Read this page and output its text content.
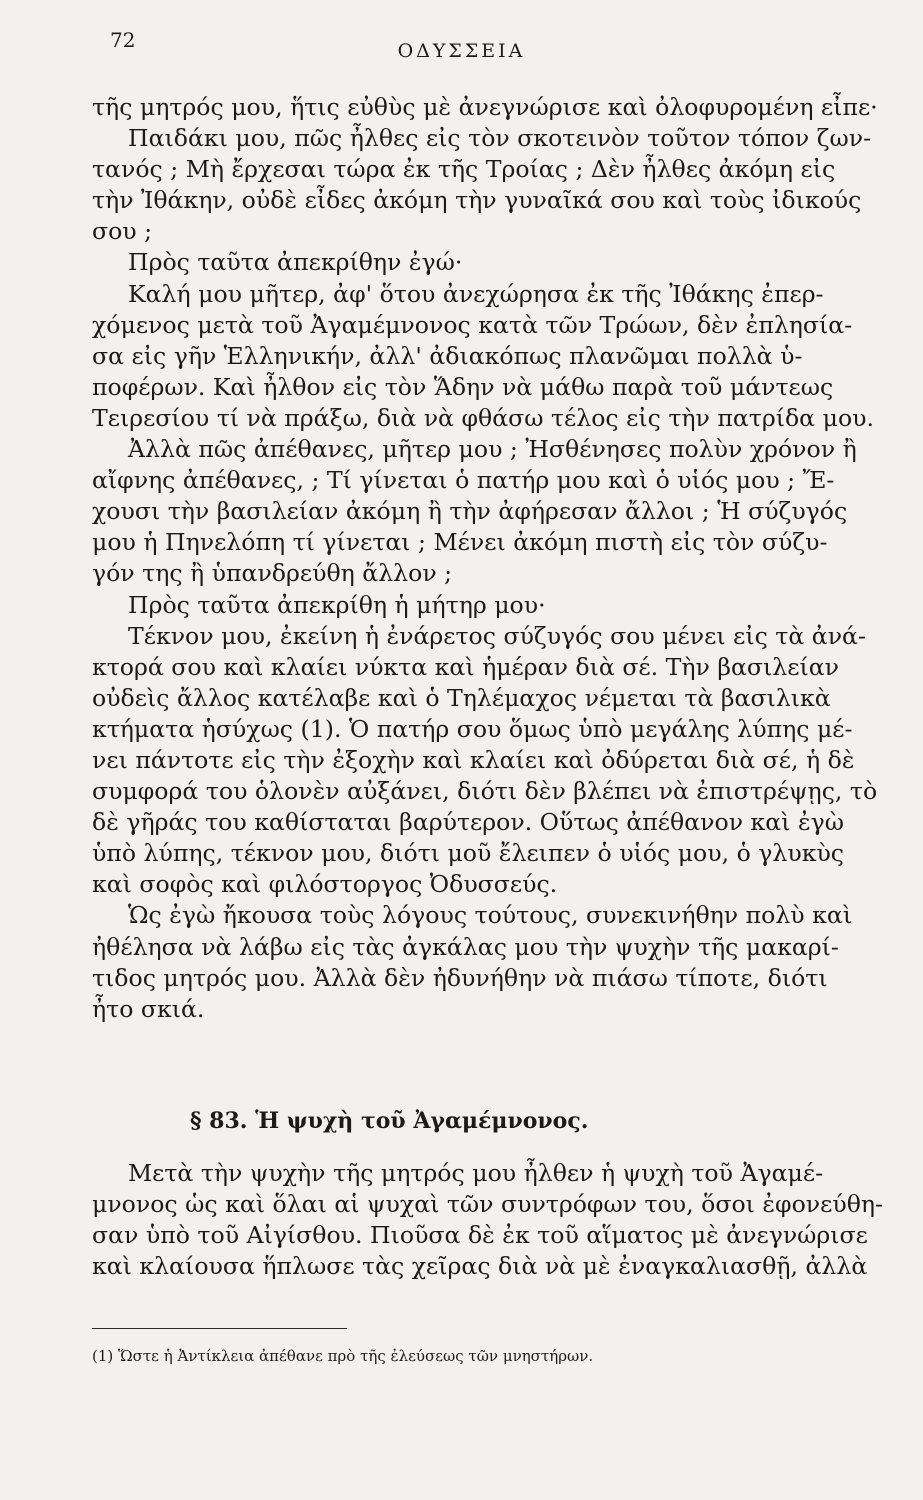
72	ΟΔΥΣΣΕΙΑ

τῆς μητρός μου, ἥτις εὐθὺς μὲ ἀνεγνώρισε καὶ ὀλοφυρομένη εἶπε·

Παιδάκι μου, πῶς ἦλθες εἰς τὸν σκοτεινὸν τοῦτον τόπον ζων-

τανός ; Μὴ ἔρχεσαι τώρα ἐκ τῆς Τροίας ; Δὲν ἦλθες ἀκόμη εἰς

τὴν Ἰθάκην, οὐδὲ εἶδες ἀκόμη τὴν γυναῖκά σου καὶ τοὺς ἰδικούς

σου ;

Πρὸς ταῦτα ἀπεκρίθην ἐγώ·

Καλή μου μῆτερ, ἀφ' ὅτου ἀνεχώρησα ἐκ τῆς Ἰθάκης ἐπερ-

χόμενος μετὰ τοῦ Ἀγαμέμνονος κατὰ τῶν Τρώων, δὲν ἐπλησία-

σα εἰς γῆν Ἑλληνικήν, ἀλλ' ἀδιακόπως πλανῶμαι πολλὰ ὑ-

ποφέρων. Καὶ ἦλθον εἰς τὸν Ἅδην νὰ μάθω παρὰ τοῦ μάντεως

Τειρεσίου τί νὰ πράξω, διὰ νὰ φθάσω τέλος εἰς τὴν πατρίδα μου.

Ἀλλὰ πῶς ἀπέθανες, μῆτερ μου ; Ἠσθένησες πολὺν χρόνον ἢ

αἴφνης ἀπέθανες, ; Τί γίνεται ὁ πατήρ μου καὶ ὁ υἱός μου ; Ἔ-

χουσι τὴν βασιλείαν ἀκόμη ἢ τὴν ἀφήρεσαν ἄλλοι ; Ἡ σύζυγός

μου ἡ Πηνελόπη τί γίνεται ; Μένει ἀκόμη πιστὴ εἰς τὸν σύζυ-

γόν της ἢ ὑπανδρεύθη ἄλλον ;

Πρὸς ταῦτα ἀπεκρίθη ἡ μήτηρ μου·

Τέκνον μου, ἐκείνη ἡ ἐνάρετος σύζυγός σου μένει εἰς τὰ ἀνά-

κτορά σου καὶ κλαίει νύκτα καὶ ἡμέραν διὰ σέ. Τὴν βασιλείαν

οὐδεὶς ἄλλος κατέλαβε καὶ ὁ Τηλέμαχος νέμεται τὰ βασιλικὰ

κτήματα ἡσύχως (1). Ὁ πατήρ σου ὅμως ὑπὸ μεγάλης λύπης μέ-

νει πάντοτε εἰς τὴν ἐξοχὴν καὶ κλαίει καὶ ὀδύρεται διὰ σέ, ἡ δὲ

συμφορά του ὁλονὲν αὐξάνει, διότι δὲν βλέπει νὰ ἐπιστρέψῃς, τὸ

δὲ γῆράς του καθίσταται βαρύτερον. Οὕτως ἀπέθανον καὶ ἐγὼ

ὑπὸ λύπης, τέκνον μου, διότι μοῦ ἔλειπεν ὁ υἱός μου, ὁ γλυκὺς

καὶ σοφὸς καὶ φιλόστοργος Ὀδυσσεύς.

Ὡς ἐγὼ ἤκουσα τοὺς λόγους τούτους, συνεκινήθην πολὺ καὶ

ἠθέλησα νὰ λάβω εἰς τὰς ἀγκάλας μου τὴν ψυχὴν τῆς μακαρί-

τιδος μητρός μου. Ἀλλὰ δὲν ἠδυνήθην νὰ πιάσω τίποτε, διότι

ἦτο σκιά.

§ 83. Ἡ ψυχὴ τοῦ Ἀγαμέμνονος.

Μετὰ τὴν ψυχὴν τῆς μητρός μου ἦλθεν ἡ ψυχὴ τοῦ Ἀγαμέ-

μνονος ὡς καὶ ὅλαι αἱ ψυχαὶ τῶν συντρόφων του, ὅσοι ἐφονεύθη-

σαν ὑπὸ τοῦ Αἰγίσθου. Πιοῦσα δὲ ἐκ τοῦ αἵματος μὲ ἀνεγνώρισε

καὶ κλαίουσα ἥπλωσε τὰς χεῖρας διὰ νὰ μὲ ἐναγκαλιασθῇ, ἀλλὰ

(1) Ὥστε ἡ Ἀντίκλεια ἀπέθανε πρὸ τῆς ἐλεύσεως τῶν μνηστήρων.
